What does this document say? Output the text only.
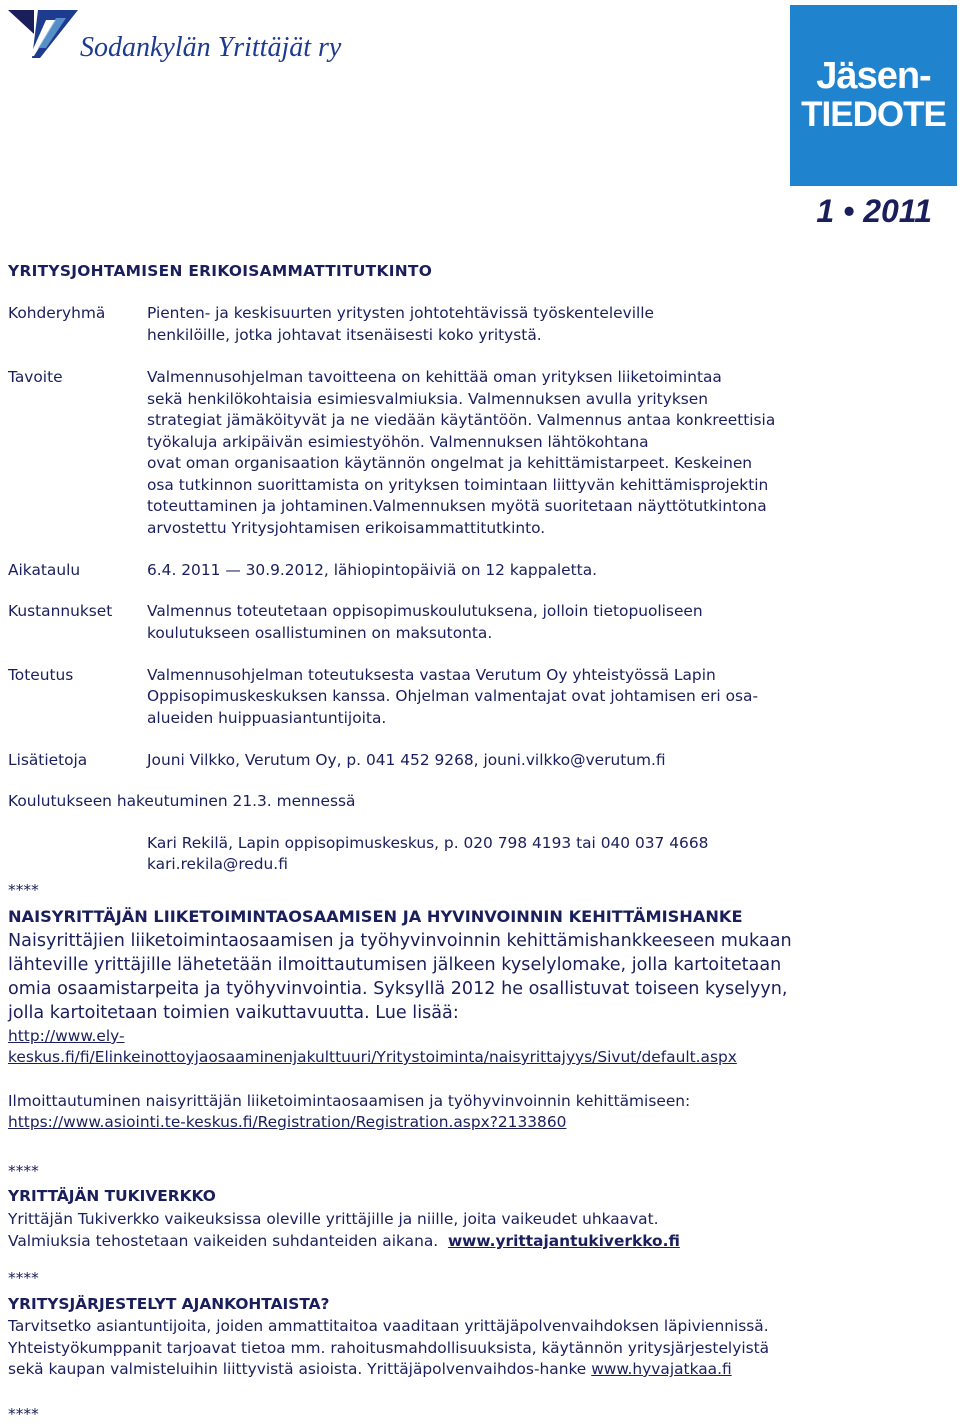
Sodankylän Yrittäjät ry
Jäsen-
TIEDOTE
1 • 2011
YRITYSJOHTAMISEN ERIKOISAMMATTITUTKINTO
Kohderyhmä	Pienten- ja keskisuurten yritysten johtotehtävissä työskenteleville
henkilöille, jotka johtavat itsenäisesti koko yritystä.
Tavoite	Valmennusohjelman tavoitteena on kehittää oman yrityksen liiketoimintaa
sekä henkilökohtaisia esimiesvalmiuksia. Valmennuksen avulla yrityksen
strategiat jämäköityvät ja ne viedään käytäntöön. Valmennus antaa konkreettisia
työkaluja arkipäivän esimiestyöhön. Valmennuksen lähtökohtana
ovat oman organisaation käytännön ongelmat ja kehittämistarpeet. Keskeinen
osa tutkinnon suorittamista on yrityksen toimintaan liittyvän kehittämisprojektin
toteuttaminen ja johtaminen.Valmennuksen myötä suoritetaan näyttötutkintona
arvostettu Yritysjohtamisen erikoisammattitutkinto.
Aikataulu	6.4. 2011 — 30.9.2012, lähiopintopäiviä on 12 kappaletta.
Kustannukset Valmennus toteutetaan oppisopimuskoulutuksena, jolloin tietopuoliseen
koulutukseen osallistuminen on maksutonta.
Toteutus	Valmennusohjelman toteutuksesta vastaa Verutum Oy yhteistyössä Lapin
Oppisopimuskeskuksen kanssa. Ohjelman valmentajat ovat johtamisen eri osa-
alueiden huippuasiantuntijoita.
Lisätietoja	Jouni Vilkko, Verutum Oy, p. 041 452 9268, jouni.vilkko@verutum.fi
Koulutukseen hakeutuminen 21.3. mennessä
Kari Rekilä, Lapin oppisopimuskeskus, p. 020 798 4193 tai 040 037 4668
kari.rekila@redu.fi
****
NAISYRITTÄJÄN LIIKETOIMINTAOSAAMISEN JA HYVINVOINNIN KEHITTÄMISHANKE
Naisyrittäjien liiketoimintaosaamisen ja työhyvinvoinnin kehittämishankkeeseen mukaan
lähteville yrittäjille lähetetään ilmoittautumisen jälkeen kyselylomake, jolla kartoitetaan
omia osaamistarpeita ja työhyvinvointia. Syksyllä 2012 he osallistuvat toiseen kyselyyn,
jolla kartoitetaan toimien vaikuttavuutta. Lue lisää:
http://www.ely-
keskus.fi/fi/Elinkeinottoyjaosaaminenjakulttuuri/Yritystoiminta/naisyrittajyys/Sivut/default.aspx
Ilmoittautuminen naisyrittäjän liiketoimintaosaamisen ja työhyvinvoinnin kehittämiseen:
https://www.asiointi.te-keskus.fi/Registration/Registration.aspx?2133860
****
YRITTÄJÄN TUKIVERKKO
Yrittäjän Tukiverkko vaikeuksissa oleville yrittäjille ja niille, joita vaikeudet uhkaavat.
Valmiuksia tehostetaan vaikeiden suhdanteiden aikana. www.yrittajantukiverkko.fi
****
YRITYSJÄRJESTELYT AJANKOHTAISTA?
Tarvitsetko asiantuntijoita, joiden ammattitaitoa vaaditaan yrittäjäpolvenvaihdoksen läpiviennissä.
Yhteistyökumppanit tarjoavat tietoa mm. rahoitusmahdollisuuksista, käytännön yritysjärjestelyistä
sekä kaupan valmisteluihin liittyvistä asioista. Yrittäjäpolvenvaihdos-hanke www.hyvajatkaa.fi
****
